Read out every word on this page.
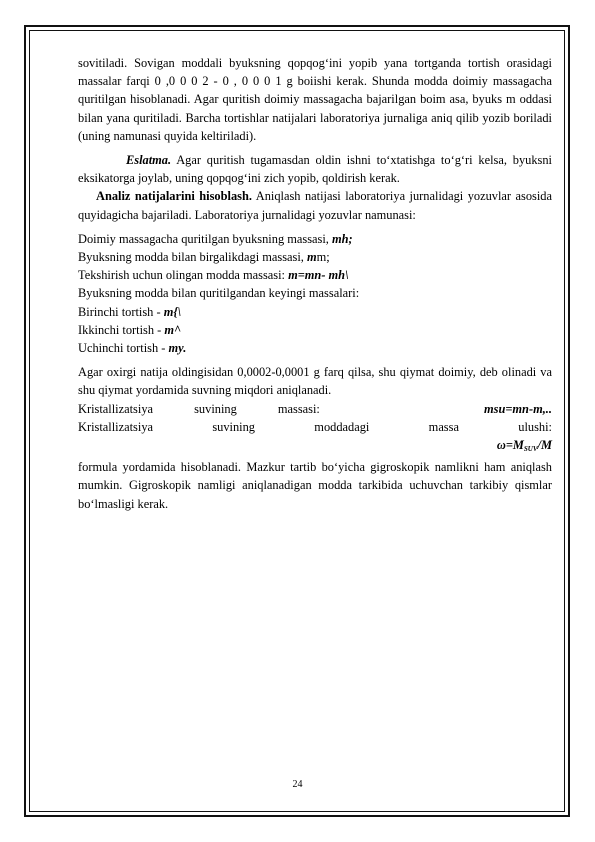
sovitiladi. Sovigan moddali byuksning qopqog‘ini yopib yana tortganda tortish orasidagi massalar farqi 0 ,0 0 0 2 - 0 , 0 0 0 1 g boiishi kerak. Shunda modda doimiy massagacha quritilgan hisoblanadi. Agar quritish doimiy massagacha bajarilgan boim asa, byuks m oddasi bilan yana quritiladi. Barcha tortishlar natijalari laboratoriya jurnaliga aniq qilib yozib boriladi (uning namunasi quyida keltiriladi).

Eslatma. Agar quritish tugamasdan oldin ishni to‘xtatishga to‘g‘ri kelsa, byuksni eksikatorga joylab, uning qopqog‘ini zich yopib, qoldirish kerak.

Analiz natijalarini hisoblash. Aniqlash natijasi laboratoriya jurnalidagi yozuvlar asosida quyidagicha bajariladi. Laboratoriya jurnalidagi yozuvlar namunasi:

Doimiy massagacha quritilgan byuksning massasi, mh;

Byuksning modda bilan birgalikdagi massasi, mm;

Tekshirish uchun olingan modda massasi: m=mn- mh\

Byuksning modda bilan quritilgandan keyingi massalari:

Birinchi tortish - m{\

Ikkinchi tortish - m^

Uchinchi tortish - my.

Agar oxirgi natija oldingisidan 0,0002-0,0001 g farq qilsa, shu qiymat doimiy, deb olinadi va shu qiymat yordamida suvning miqdori aniqlanadi.

Kristallizatsiya suvining massasi:	msu=mn-m,..

Kristallizatsiya suvining moddadagi massa ulushi:

$\omega=M_{SUV}/M$

formula yordamida hisoblanadi. Mazkur tartib bo‘yicha gigroskopik namlikni ham aniqlash mumkin. Gigroskopik namligi aniqlanadigan modda tarkibida uchuvchan tarkibiy qismlar bo‘lmasligi kerak.

24
